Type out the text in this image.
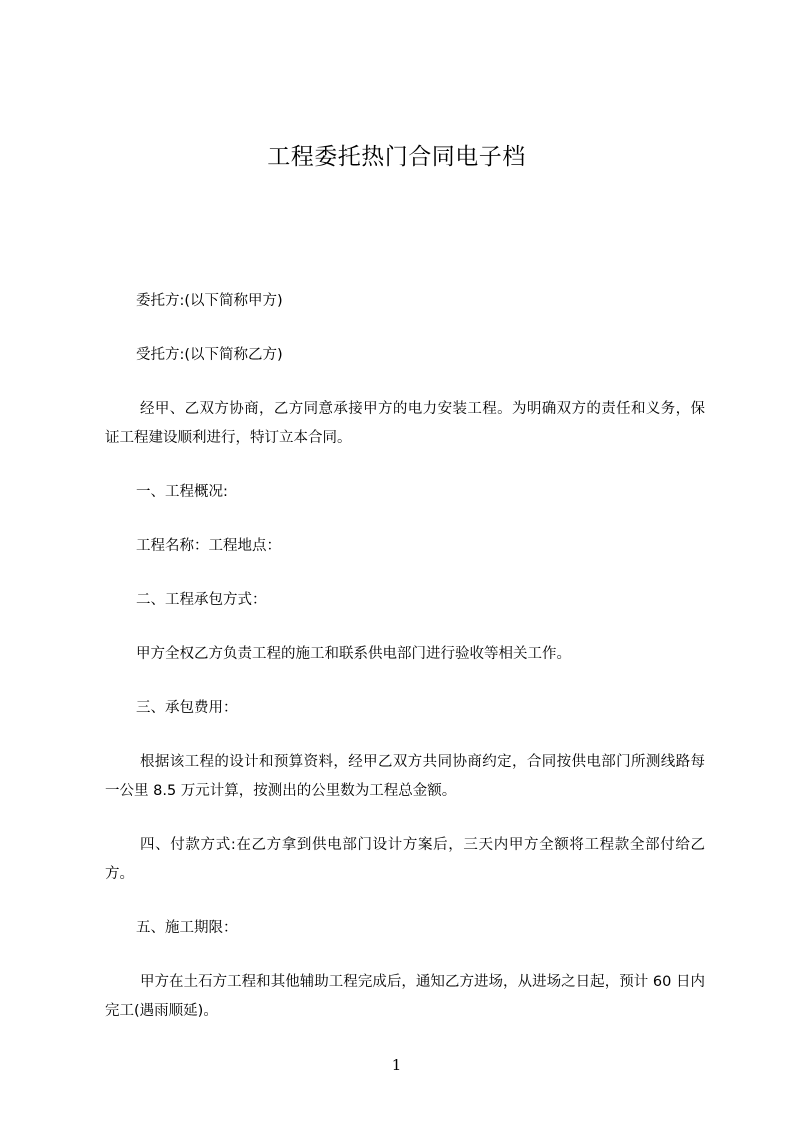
工程委托热门合同电子档

委托方:(以下简称甲方)

受托方:(以下简称乙方)

经甲、乙双方协商，乙方同意承接甲方的电力安装工程。为明确双方的责任和义务，保证工程建设顺利进行，特订立本合同。

一、工程概况:

工程名称：工程地点：

二、工程承包方式：

甲方全权乙方负责工程的施工和联系供电部门进行验收等相关工作。

三、承包费用：

根据该工程的设计和预算资料，经甲乙双方共同协商约定，合同按供电部门所测线路每一公里 8.5 万元计算，按测出的公里数为工程总金额。

四、付款方式:在乙方拿到供电部门设计方案后，三天内甲方全额将工程款全部付给乙方。

五、施工期限：

甲方在土石方工程和其他辅助工程完成后，通知乙方进场，从进场之日起，预计 60 日内完工(遇雨顺延)。

1
